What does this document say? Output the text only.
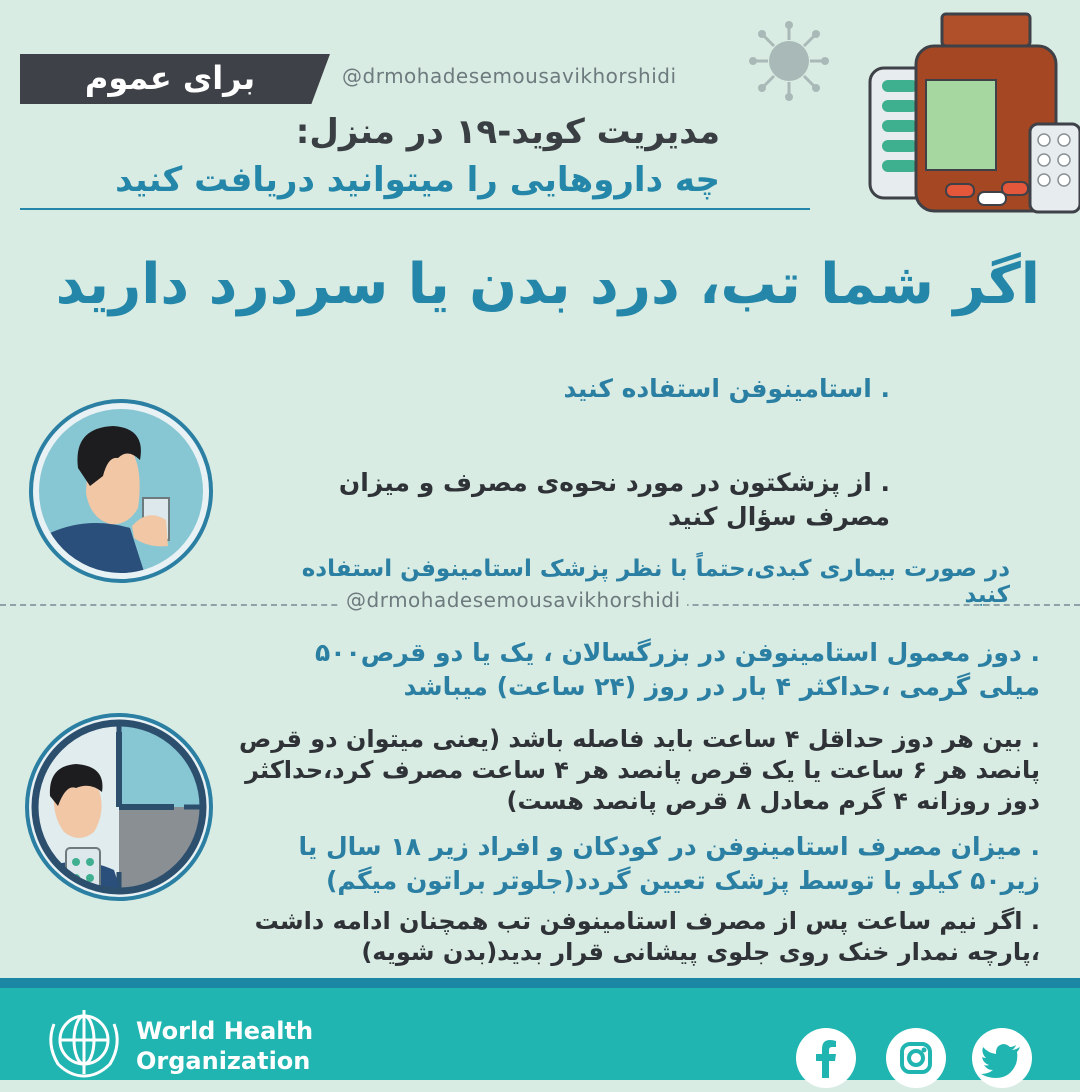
برای عموم	@drmohadesemousavikhorshidi
مدیریت کوید-۱۹ در منزل:
چه داروهایی را میتوانید دریافت کنید
اگر شما تب، درد بدن یا سردرد دارید
. استامینوفن استفاده کنید
. از پزشکتون در مورد نحوه‌ی مصرف و میزان مصرف سؤال کنید
در صورت بیماری کبدی،حتماً با نظر پزشک استامینوفن استفاده کنید
@drmohadesemousavikhorshidi
. دوز معمول استامینوفن در بزرگسالان ، یک یا دو قرص۵۰۰ میلی گرمی ،حداکثر ۴ بار در روز (۲۴ ساعت) میباشد
. بین هر دوز حداقل ۴ ساعت باید فاصله باشد (یعنی میتوان دو قرص پانصد هر ۶ ساعت یا یک قرص پانصد هر ۴ ساعت مصرف کرد،حداکثر دوز روزانه ۴ گرم معادل ۸ قرص پانصد هست)
. میزان مصرف استامینوفن در کودکان و افراد زیر ۱۸ سال یا زیر۵۰ کیلو با توسط پزشک تعیین گردد(جلوتر براتون میگم)
. اگر نیم ساعت پس از مصرف استامینوفن تب همچنان ادامه داشت ،پارچه نمدار خنک روی جلوی پیشانی قرار بدید(بدن شویه)
World Health
Organization
